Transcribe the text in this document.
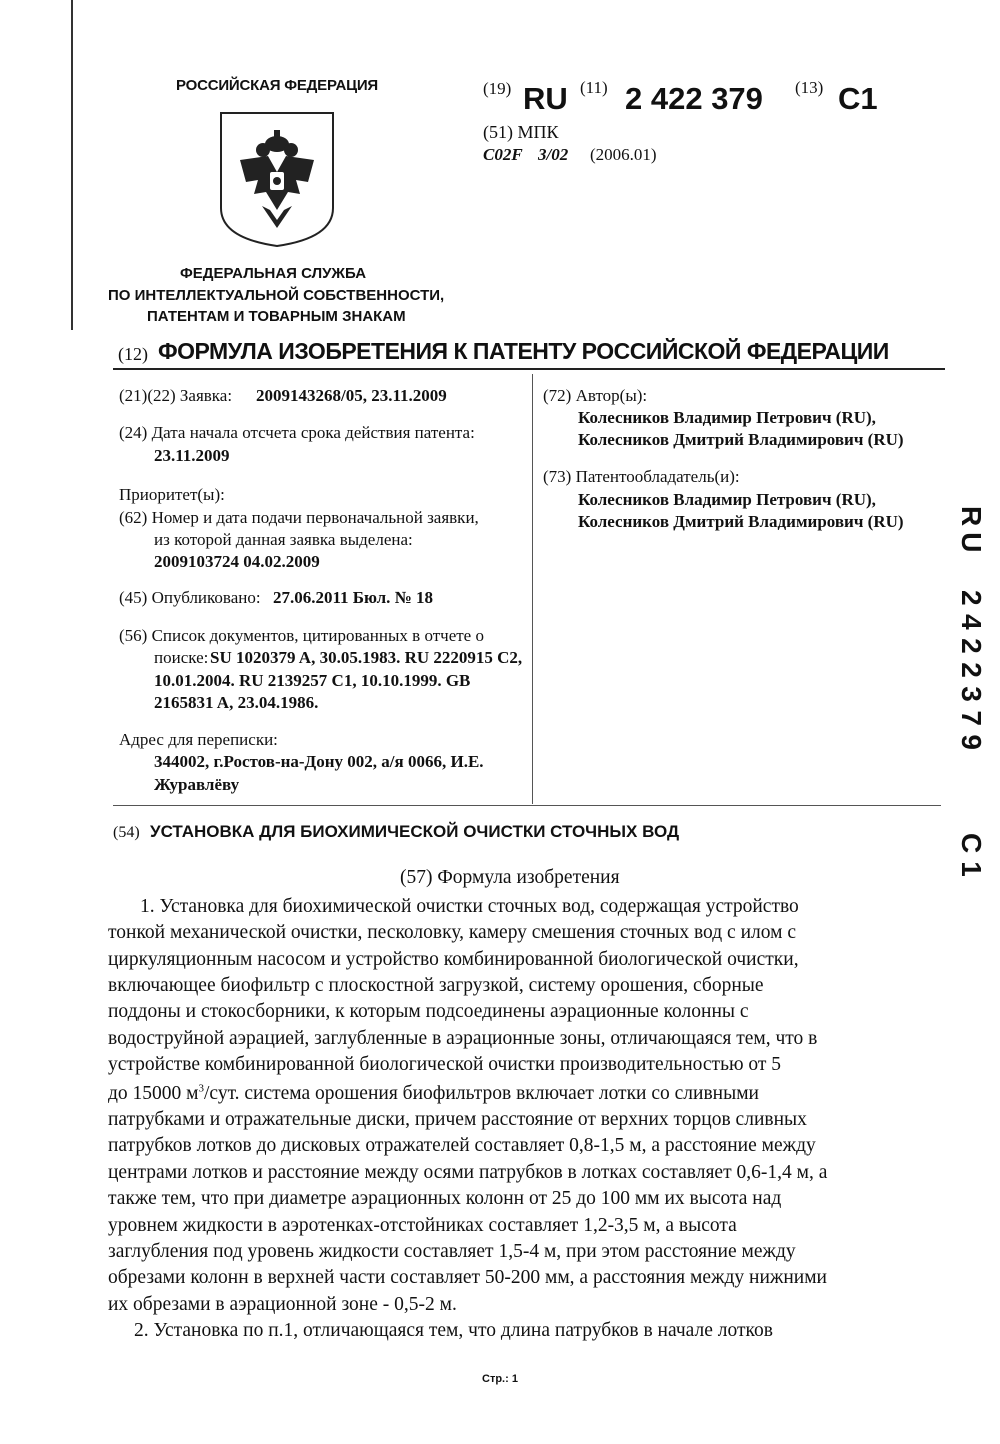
РОССИЙСКАЯ ФЕДЕРАЦИЯ
ФЕДЕРАЛЬНАЯ СЛУЖБА
ПО ИНТЕЛЛЕКТУАЛЬНОЙ СОБСТВЕННОСТИ,
ПАТЕНТАМ И ТОВАРНЫМ ЗНАКАМ
(19) RU (11) 2 422 379 (13) C1
(51) МПК
C02F 3/02 (2006.01)
(12) ФОРМУЛА ИЗОБРЕТЕНИЯ К ПАТЕНТУ РОССИЙСКОЙ ФЕДЕРАЦИИ
(21)(22) Заявка: 2009143268/05, 23.11.2009
(24) Дата начала отсчета срока действия патента:
23.11.2009
Приоритет(ы):
(62) Номер и дата подачи первоначальной заявки,
из которой данная заявка выделена:
2009103724 04.02.2009
(45) Опубликовано: 27.06.2011 Бюл. № 18
(56) Список документов, цитированных в отчете о
поиске: SU 1020379 A, 30.05.1983. RU 2220915 C2,
10.01.2004. RU 2139257 C1, 10.10.1999. GB
2165831 A, 23.04.1986.
Адрес для переписки:
344002, г.Ростов-на-Дону 002, а/я 0066, И.Е.
Журавлёву
(72) Автор(ы):
Колесников Владимир Петрович (RU),
Колесников Дмитрий Владимирович (RU)
(73) Патентообладатель(и):
Колесников Владимир Петрович (RU),
Колесников Дмитрий Владимирович (RU) RU
2422379
C1
(54) УСТАНОВКА ДЛЯ БИОХИМИЧЕСКОЙ ОЧИСТКИ СТОЧНЫХ ВОД
(57) Формула изобретения
1. Установка для биохимической очистки сточных вод, содержащая устройство
тонкой механической очистки, песколовку, камеру смешения сточных вод с илом с
циркуляционным насосом и устройство комбинированной биологической очистки,
включающее биофильтр с плоскостной загрузкой, систему орошения, сборные
поддоны и стокосборники, к которым подсоединены аэрационные колонны с
водоструйной аэрацией, заглубленные в аэрационные зоны, отличающаяся тем, что в
устройстве комбинированной биологической очистки производительностью от 5
до 15000 $м^3$/сут. система орошения биофильтров включает лотки со сливными
патрубками и отражательные диски, причем расстояние от верхних торцов сливных
патрубков лотков до дисковых отражателей составляет 0,8-1,5 м, а расстояние между
центрами лотков и расстояние между осями патрубков в лотках составляет 0,6-1,4 м, а
также тем, что при диаметре аэрационных колонн от 25 до 100 мм их высота над
уровнем жидкости в аэротенках-отстойниках составляет 1,2-3,5 м, а высота
заглубления под уровень жидкости составляет 1,5-4 м, при этом расстояние между
обрезами колонн в верхней части составляет 50-200 мм, а расстояния между нижними
их обрезами в аэрационной зоне - 0,5-2 м.
2. Установка по п.1, отличающаяся тем, что длина патрубков в начале лотков
Стр.: 1
